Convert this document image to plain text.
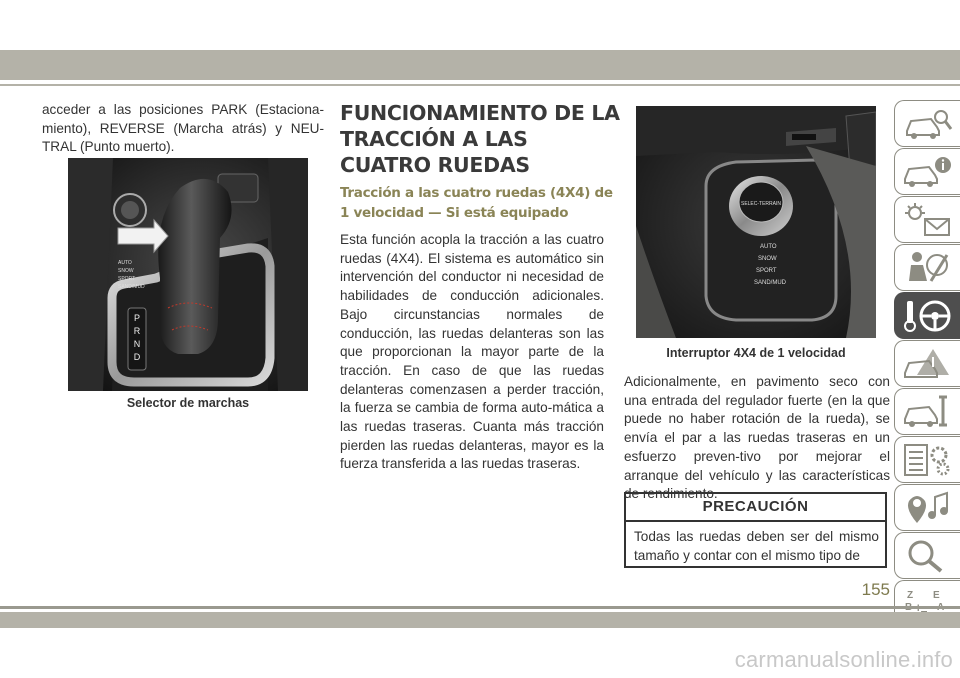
acceder a las posiciones PARK (Estaciona-miento), REVERSE (Marcha atrás) y NEU-TRAL (Punto muerto).
AUTO
SNOW
SPORT
SAND/MUD
P
R
N
D
Selector de marchas
FUNCIONAMIENTO DE LA TRACCIÓN A LAS CUATRO RUEDAS
Tracción a las cuatro ruedas (4X4) de 1 velocidad — Si está equipado
Esta función acopla la tracción a las cuatro ruedas (4X4). El sistema es automático sin intervención del conductor ni necesidad de habilidades de conducción adicionales. Bajo circunstancias normales de conducción, las ruedas delanteras son las que proporcionan la mayor parte de la tracción. En caso de que las ruedas delanteras comenzasen a perder tracción, la fuerza se cambia de forma auto-mática a las ruedas traseras. Cuanta más tracción pierden las ruedas delanteras, mayor es la fuerza transferida a las ruedas traseras.
SELEC-TERRAIN
AUTO
SNOW
SPORT
SAND/MUD
Interruptor 4X4 de 1 velocidad
Adicionalmente, en pavimento seco con una entrada del regulador fuerte (en la que puede no haber rotación de la rueda), se envía el par a las ruedas traseras en un esfuerzo preven-tivo por mejorar el arranque del vehículo y las características de rendimiento.
PRECAUCIÓN
Todas las ruedas deben ser del mismo tamaño y contar con el mismo tipo de
Z E
155
carmanualsonline.info
